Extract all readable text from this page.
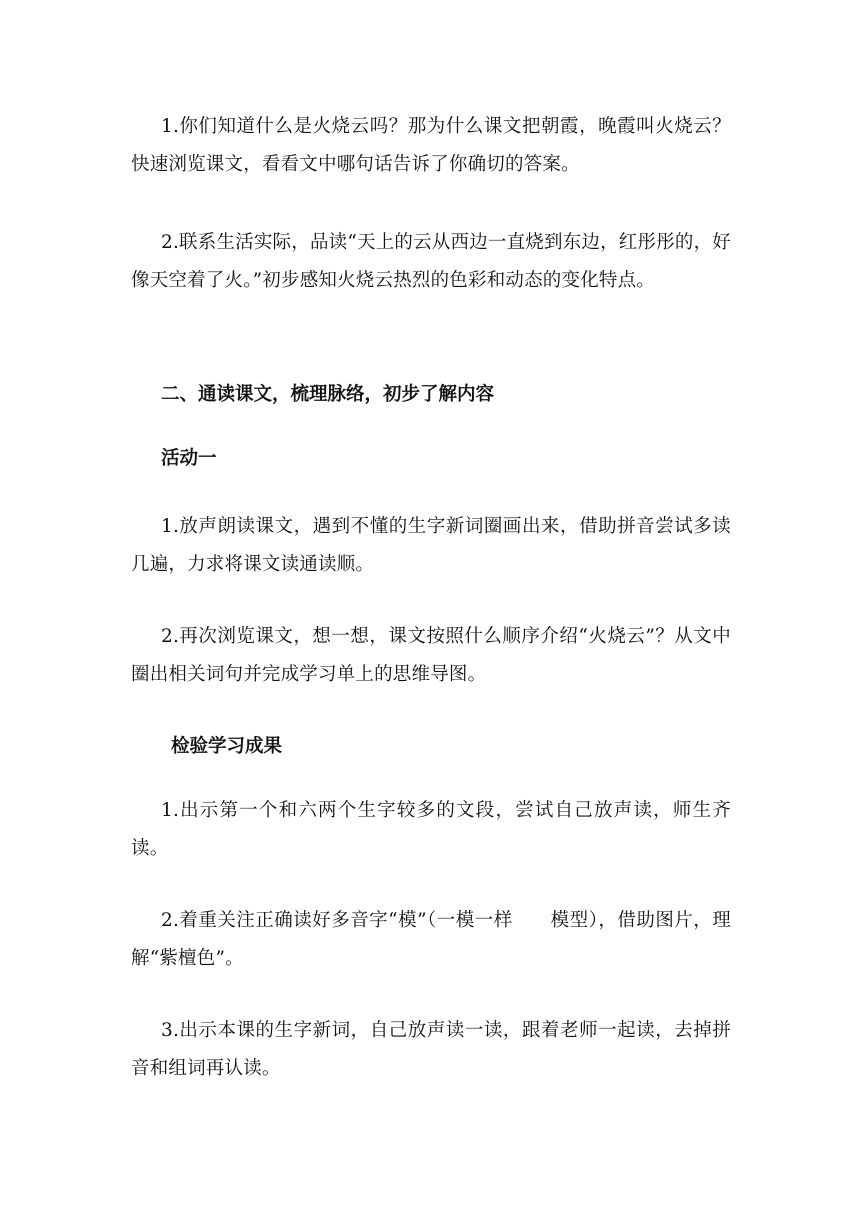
1.你们知道什么是火烧云吗？那为什么课文把朝霞，晚霞叫火烧云？快速浏览课文，看看文中哪句话告诉了你确切的答案。

2.联系生活实际，品读“天上的云从西边一直烧到东边，红彤彤的，好像天空着了火。”初步感知火烧云热烈的色彩和动态的变化特点。

二、通读课文，梳理脉络，初步了解内容

活动一

1.放声朗读课文，遇到不懂的生字新词圈画出来，借助拼音尝试多读几遍，力求将课文读通读顺。

2.再次浏览课文，想一想，课文按照什么顺序介绍“火烧云”？从文中圈出相关词句并完成学习单上的思维导图。

检验学习成果

1.出示第一个和六两个生字较多的文段，尝试自己放声读，师生齐读。

2.着重关注正确读好多音字“模”（一模一样　　模型），借助图片，理解“紫檀色”。

3.出示本课的生字新词，自己放声读一读，跟着老师一起读，去掉拼音和组词再认读。
